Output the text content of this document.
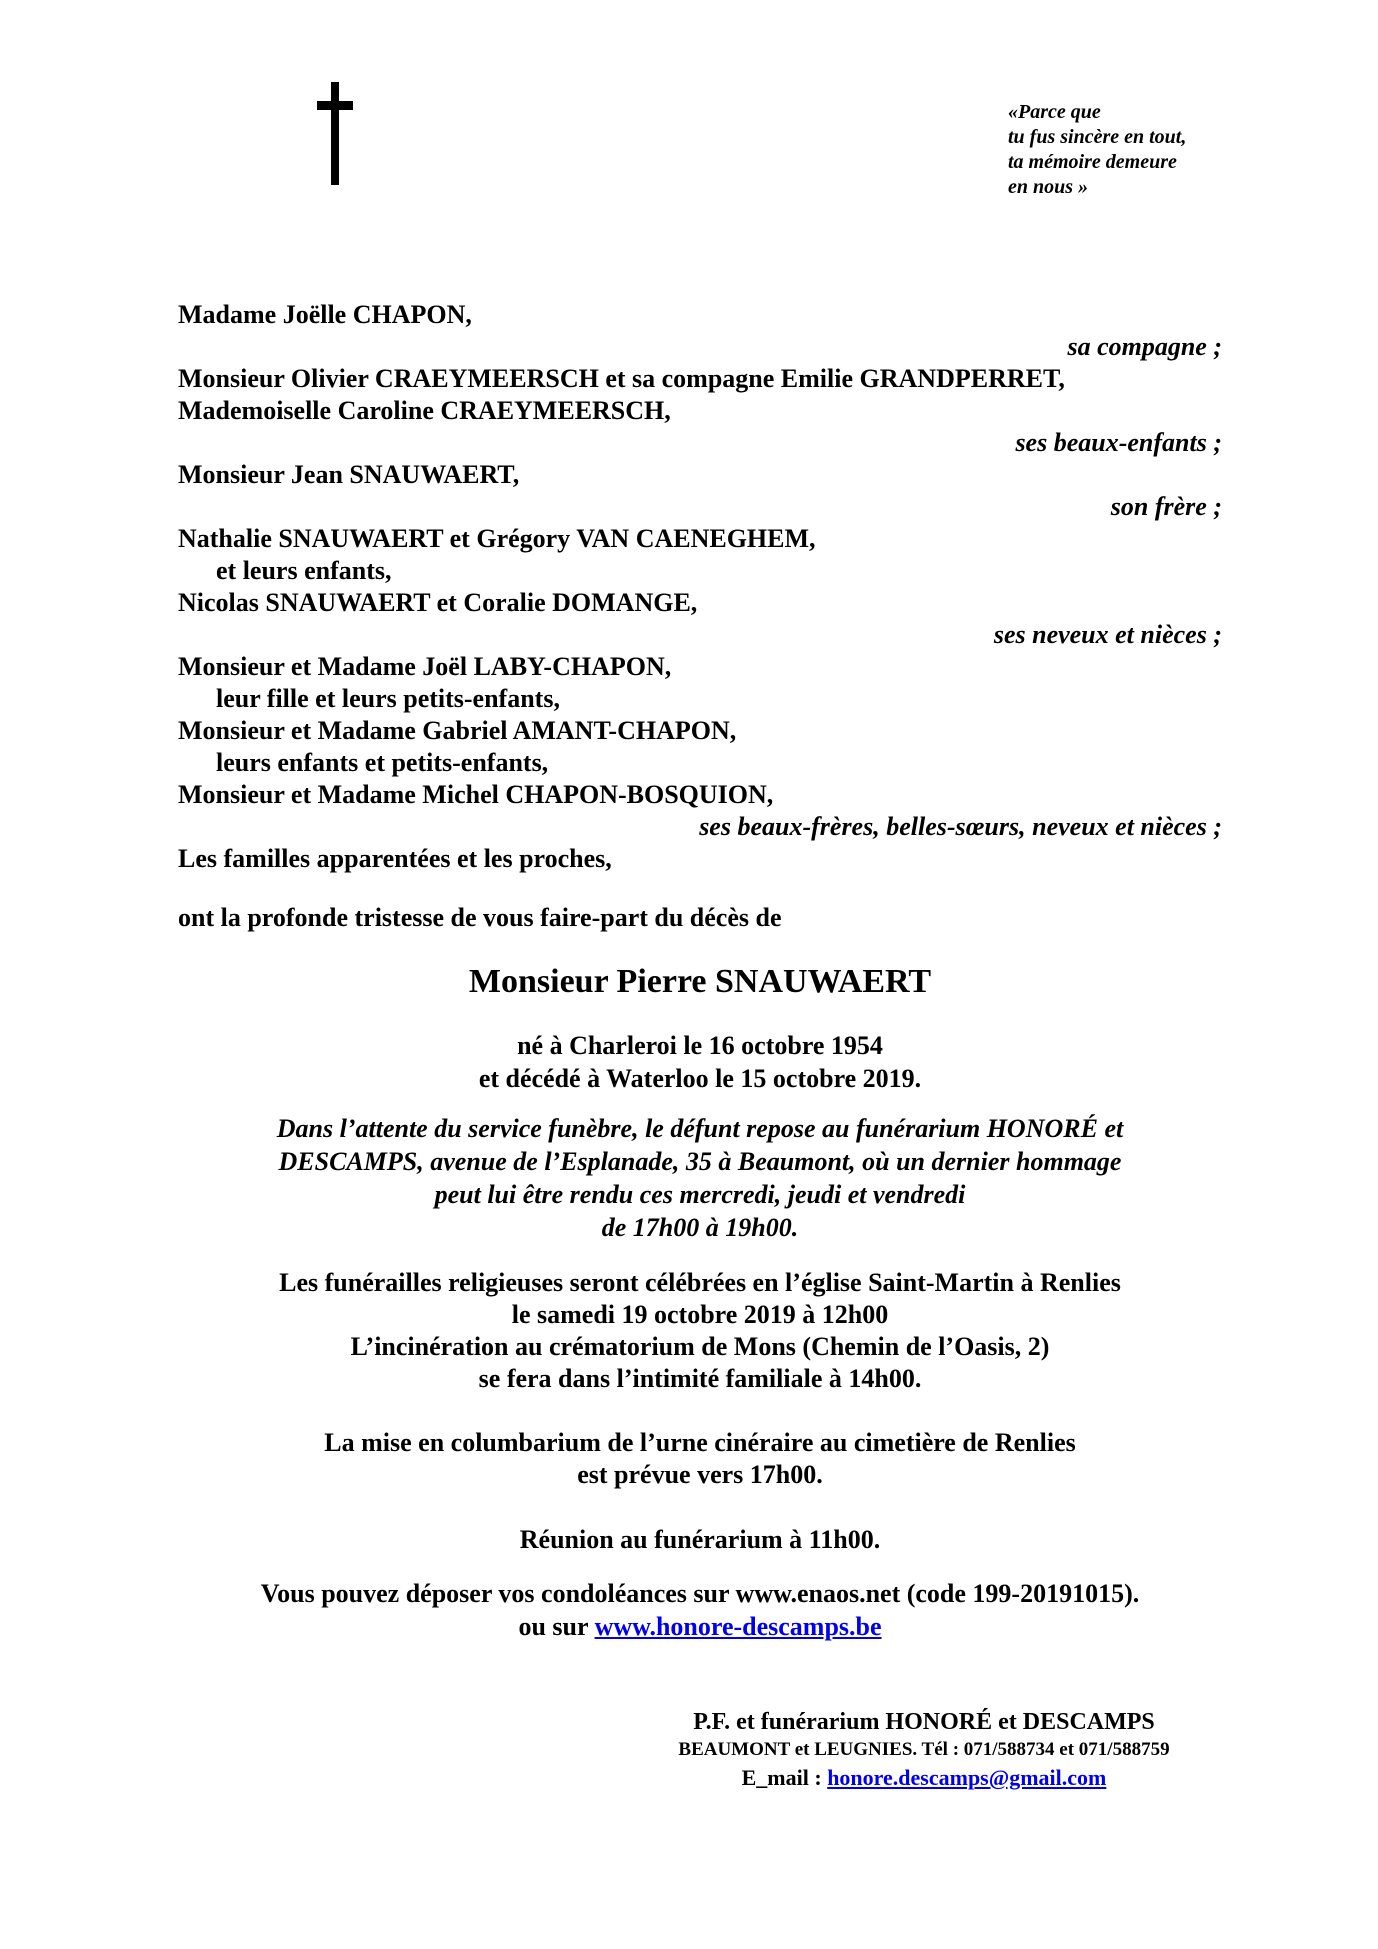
«Parce que
tu fus sincère en tout,
ta mémoire demeure
en nous »
Madame Joëlle CHAPON,
sa compagne ;
Monsieur Olivier CRAEYMEERSCH et sa compagne Emilie GRANDPERRET,
Mademoiselle Caroline CRAEYMEERSCH,
ses beaux-enfants ;
Monsieur Jean SNAUWAERT,
son frère ;
Nathalie SNAUWAERT et Grégory VAN CAENEGHEM,
et leurs enfants,
Nicolas SNAUWAERT et Coralie DOMANGE,
ses neveux et nièces ;
Monsieur et Madame Joël LABY-CHAPON,
leur fille et leurs petits-enfants,
Monsieur et Madame Gabriel AMANT-CHAPON,
leurs enfants et petits-enfants,
Monsieur et Madame Michel CHAPON-BOSQUION,
ses beaux-frères, belles-sœurs, neveux et nièces ;
Les familles apparentées et les proches,
ont la profonde tristesse de vous faire-part du décès de
Monsieur Pierre SNAUWAERT
né à Charleroi le 16 octobre 1954
et décédé à Waterloo le 15 octobre 2019.
Dans l’attente du service funèbre, le défunt repose au funérarium HONORÉ et
DESCAMPS, avenue de l’Esplanade, 35 à Beaumont, où un dernier hommage
peut lui être rendu ces mercredi, jeudi et vendredi
de 17h00 à 19h00.
Les funérailles religieuses seront célébrées en l’église Saint-Martin à Renlies
le samedi 19 octobre 2019 à 12h00
L’incinération au crématorium de Mons (Chemin de l’Oasis, 2)
se fera dans l’intimité familiale à 14h00.
La mise en columbarium de l’urne cinéraire au cimetière de Renlies
est prévue vers 17h00.
Réunion au funérarium à 11h00.
Vous pouvez déposer vos condoléances sur www.enaos.net (code 199-20191015).
ou sur www.honore-descamps.be
P.F. et funérarium HONORÉ et DESCAMPS
BEAUMONT et LEUGNIES. Tél : 071/588734 et 071/588759
E_mail : honore.descamps@gmail.com
